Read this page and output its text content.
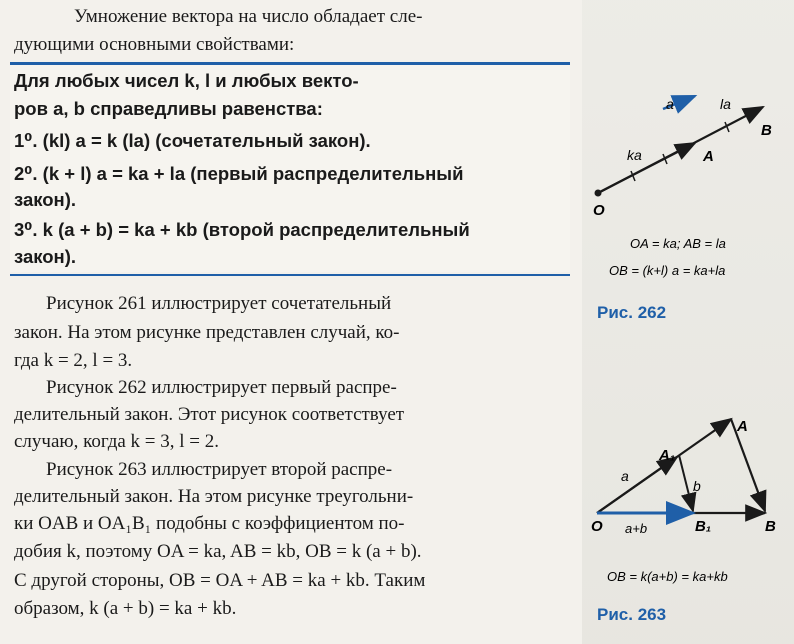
Умножение вектора на число обладает сле-
дующими основными свойствами:
Для любых чисел k, l и любых векто-
ров a, b справедливы равенства:
1⁰. (kl) a = k (la) (сочетательный закон).
2⁰. (k + l) a = ka + la (первый распределительный
закон).
3⁰. k (a + b) = ka + kb (второй распределительный
закон).
Рисунок 261 иллюстрирует сочетательный
закон. На этом рисунке представлен случай, ко-
гда k = 2, l = 3.
Рисунок 262 иллюстрирует первый распре-
делительный закон. Этот рисунок соответствует
случаю, когда k = 3, l = 2.
Рисунок 263 иллюстрирует второй распре-
делительный закон. На этом рисунке треугольни-
ки OAB и OA₁B₁ подобны с коэффициентом по-
добия k, поэтому OA = ka, AB = kb, OB = k (a + b).
С другой стороны, OB = OA + AB = ka + kb. Таким
образом, k (a + b) = ka + kb.
O
A
B
a	la
ka
OA = ka; AB = la
OB = (k+l) a = ka+la
Рис. 262
O
A
A₁
B
B₁
a
b
a+b
OB = k(a+b) = ka+kb
Рис. 263
